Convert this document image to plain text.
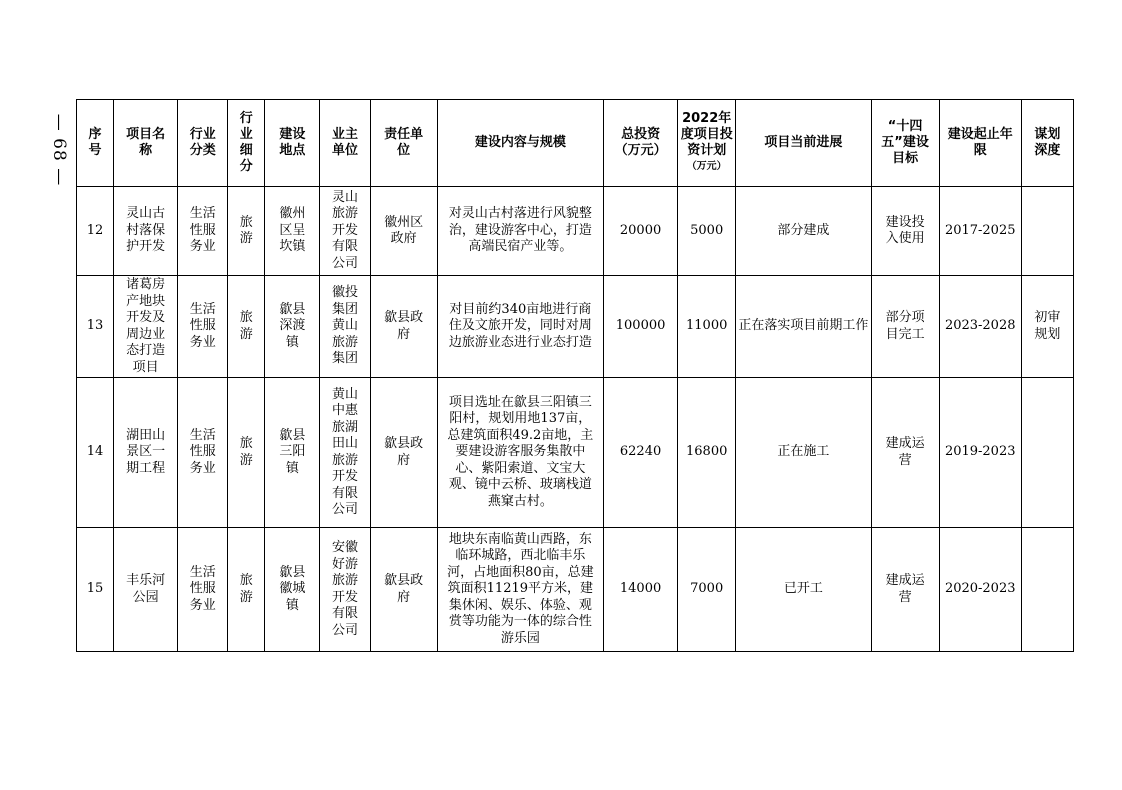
— 68 — 序号	项目名称	行业分类	行业细分	建设地点	业主单位	责任单位	建设内容与规模	总投资（万元）	2022年度项目投资计划
（万元）	项目当前进展	“十四五”建设目标	建设起止年限	谋划深度
12	灵山古村落保护开发	生活性服务业	旅游	徽州区呈坎镇	灵山旅游开发有限公司	徽州区政府	对灵山古村落进行风貌整治，建设游客中心，打造高端民宿产业等。	20000	5000	部分建成	建设投入使用	2017-2025	
13	诸葛房产地块开发及周边业态打造项目	生活性服务业	旅游	歙县深渡镇	徽投集团黄山旅游集团	歙县政府	对目前约340亩地进行商住及文旅开发，同时对周边旅游业态进行业态打造	100000	11000	正在落实项目前期工作	部分项目完工	2023-2028	初审规划
14	湖田山景区一期工程	生活性服务业	旅游	歙县三阳镇	黄山中惠旅湖田山旅游开发有限公司	歙县政府	项目选址在歙县三阳镇三阳村，规划用地137亩，总建筑面积49.2亩地，主要建设游客服务集散中心、紫阳索道、文宝大观、镜中云桥、玻璃栈道燕窠古村。	62240	16800	正在施工	建成运营	2019-2023	
15	丰乐河公园	生活性服务业	旅游	歙县徽城镇	安徽好游旅游开发有限公司	歙县政府	地块东南临黄山西路，东临环城路，西北临丰乐河，占地面积80亩，总建筑面积11219平方米，建集休闲、娱乐、体验、观赏等功能为一体的综合性游乐园	14000	7000	已开工	建成运营	2020-2023	
